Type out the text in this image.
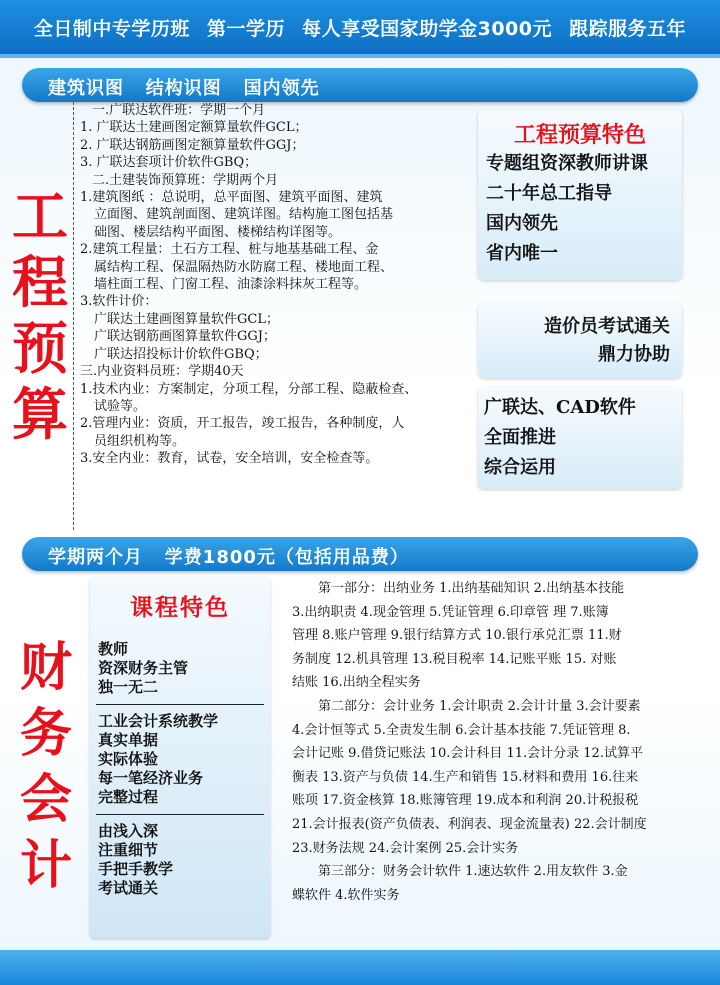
全日制中专学历班 第一学历 每人享受国家助学金3000元 跟踪服务五年
建筑识图   结构识图   国内领先
工
程
预
算

一.广联达软件班：学期一个月

1. 广联达土建画图定额算量软件GCL；

2. 广联达钢筋画图定额算量软件GGJ；

3. 广联达套项计价软件GBQ；

二.土建装饰预算班：学期两个月

1.建筑图纸 ：总说明，总平面图、建筑平面图、建筑

立面图、建筑剖面图、建筑详图。结构施工图包括基

础图、楼层结构平面图、楼梯结构详图等。

2.建筑工程量：土石方工程、桩与地基基础工程、金

属结构工程、保温隔热防水防腐工程、楼地面工程、

墙柱面工程、门窗工程、油漆涂料抹灰工程等。

3.软件计价：

广联达土建画图算量软件GCL；

广联达钢筋画图算量软件GGJ；

广联达招投标计价软件GBQ；

三.内业资料员班：学期40天

1.技术内业：方案制定，分项工程，分部工程、隐蔽检查、

试验等。

2.管理内业：资质，开工报告，竣工报告，各种制度，人

员组织机构等。

3.安全内业：教育，试卷，安全培训，安全检查等。

工程预算特色

专题组资深教师讲课

二十年总工指导

国内领先

省内唯一

造价员考试通关

鼎力协助

广联达、CAD软件

全面推进

综合运用

学期两个月   学费1800元（包括用品费）
财
务
会
计
课程特色

教师

资深财务主管

独一无二

工业会计系统教学

真实单据

实际体验

每一笔经济业务

完整过程

由浅入深

注重细节

手把手教学

考试通关

第一部分：出纳业务 1.出纳基础知识 2.出纳基本技能

3.出纳职责 4.现金管理 5.凭证管理 6.印章管 理 7.账簿

管理 8.账户管理 9.银行结算方式 10.银行承兑汇票 11.财

务制度 12.机具管理 13.税目税率 14.记账平账 15. 对账

结账 16.出纳全程实务

第二部分：会计业务 1.会计职责 2.会计计量 3.会计要素

4.会计恒等式 5.全责发生制 6.会计基本技能 7.凭证管理 8.

会计记账 9.借贷记账法 10.会计科目 11.会计分录 12.试算平

衡表 13.资产与负债 14.生产和销售 15.材料和费用 16.往来

账项 17.资金核算 18.账簿管理 19.成本和利润 20.计税报税

21.会计报表(资产负债表、利润表、现金流量表) 22.会计制度

23.财务法规 24.会计案例 25.会计实务

第三部分：财务会计软件 1.速达软件 2.用友软件 3.金

蝶软件 4.软件实务
